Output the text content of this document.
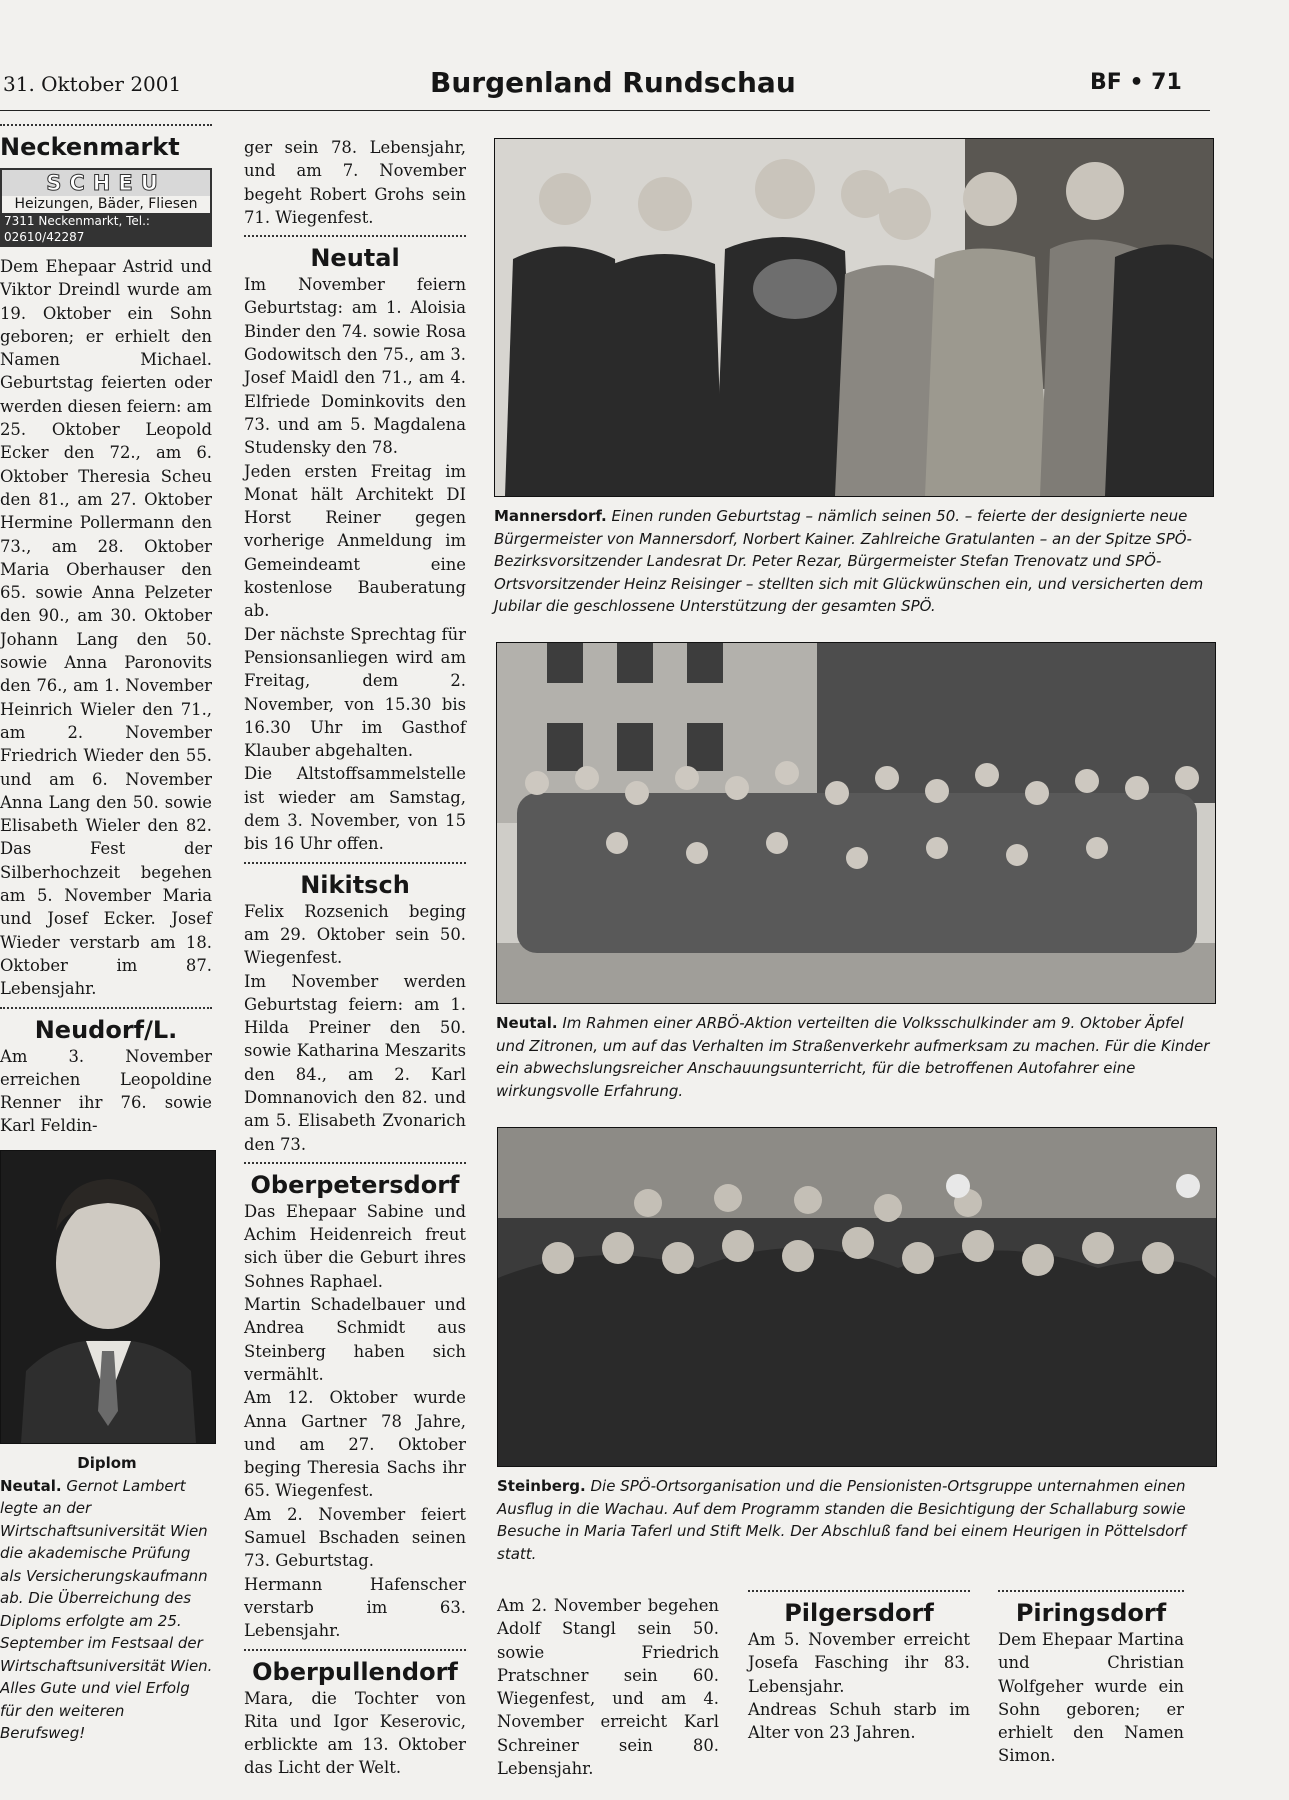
31. Oktober 2001	Burgenland Rundschau	BF • 71
Neckenmarkt
SCHEU
Heizungen, Bäder, Fliesen
7311 Neckenmarkt, Tel.: 02610/42287

Dem Ehepaar Astrid und Viktor Dreindl wurde am 19. Oktober ein Sohn geboren; er erhielt den Namen Michael. Geburtstag feierten oder werden diesen feiern: am 25. Oktober Leopold Ecker den 72., am 6. Oktober Theresia Scheu den 81., am 27. Oktober Hermine Pollermann den 73., am 28. Oktober Maria Oberhauser den 65. sowie Anna Pelzeter den 90., am 30. Oktober Johann Lang den 50. sowie Anna Paronovits den 76., am 1. November Heinrich Wieler den 71., am 2. November Friedrich Wieder den 55. und am 6. November Anna Lang den 50. sowie Elisabeth Wieler den 82. Das Fest der Silberhochzeit begehen am 5. November Maria und Josef Ecker. Josef Wieder verstarb am 18. Oktober im 87. Lebensjahr.

Neudorf/L.

Am 3. November erreichen Leopoldine Renner ihr 76. sowie Karl Feldin-

Diplom
Neutal. Gernot Lambert legte an der Wirtschaftsuniversität Wien die akademische Prüfung als Versicherungskaufmann ab. Die Überreichung des Diploms erfolgte am 25. September im Festsaal der Wirtschaftsuniversität Wien. Alles Gute und viel Erfolg für den weiteren Berufsweg!

ger sein 78. Lebensjahr, und am 7. November begeht Robert Grohs sein 71. Wiegenfest.

Neutal

Im November feiern Geburtstag: am 1. Aloisia Binder den 74. sowie Rosa Godowitsch den 75., am 3. Josef Maidl den 71., am 4. Elfriede Dominkovits den 73. und am 5. Magdalena Studensky den 78.

Jeden ersten Freitag im Monat hält Architekt DI Horst Reiner gegen vorherige Anmeldung im Gemeindeamt eine kostenlose Bauberatung ab.

Der nächste Sprechtag für Pensionsanliegen wird am Freitag, dem 2. November, von 15.30 bis 16.30 Uhr im Gasthof Klauber abgehalten.

Die Altstoffsammelstelle ist wieder am Samstag, dem 3. November, von 15 bis 16 Uhr offen.

Nikitsch

Felix Rozsenich beging am 29. Oktober sein 50. Wiegenfest.

Im November werden Geburtstag feiern: am 1. Hilda Preiner den 50. sowie Katharina Meszarits den 84., am 2. Karl Domnanovich den 82. und am 5. Elisabeth Zvonarich den 73.

Oberpetersdorf

Das Ehepaar Sabine und Achim Heidenreich freut sich über die Geburt ihres Sohnes Raphael.

Martin Schadelbauer und Andrea Schmidt aus Steinberg haben sich vermählt.

Am 12. Oktober wurde Anna Gartner 78 Jahre, und am 27. Oktober beging Theresia Sachs ihr 65. Wiegenfest.

Am 2. November feiert Samuel Bschaden seinen 73. Geburtstag.

Hermann Hafenscher verstarb im 63. Lebensjahr.

Oberpullendorf

Mara, die Tochter von Rita und Igor Keserovic, erblickte am 13. Oktober das Licht der Welt.

Mannersdorf. Einen runden Geburtstag – nämlich seinen 50. – feierte der designierte neue Bürgermeister von Mannersdorf, Norbert Kainer. Zahlreiche Gratulanten – an der Spitze SPÖ-Bezirksvorsitzender Landesrat Dr. Peter Rezar, Bürgermeister Stefan Trenovatz und SPÖ-Ortsvorsitzender Heinz Reisinger – stellten sich mit Glückwünschen ein, und versicherten dem Jubilar die geschlossene Unterstützung der gesamten SPÖ.
Neutal. Im Rahmen einer ARBÖ-Aktion verteilten die Volksschulkinder am 9. Oktober Äpfel und Zitronen, um auf das Verhalten im Straßenverkehr aufmerksam zu machen. Für die Kinder ein abwechslungsreicher Anschauungsunterricht, für die betroffenen Autofahrer eine wirkungsvolle Erfahrung.
Steinberg. Die SPÖ-Ortsorganisation und die Pensionisten-Ortsgruppe unternahmen einen Ausflug in die Wachau. Auf dem Programm standen die Besichtigung der Schallaburg sowie Besuche in Maria Taferl und Stift Melk. Der Abschluß fand bei einem Heurigen in Pöttelsdorf statt.

Am 2. November begehen Adolf Stangl sein 50. sowie Friedrich Pratschner sein 60. Wiegenfest, und am 4. November erreicht Karl Schreiner sein 80. Lebensjahr.

Pilgersdorf

Am 5. November erreicht Josefa Fasching ihr 83. Lebensjahr.

Andreas Schuh starb im Alter von 23 Jahren.

Piringsdorf

Dem Ehepaar Martina und Christian Wolfgeher wurde ein Sohn geboren; er erhielt den Namen Simon.
